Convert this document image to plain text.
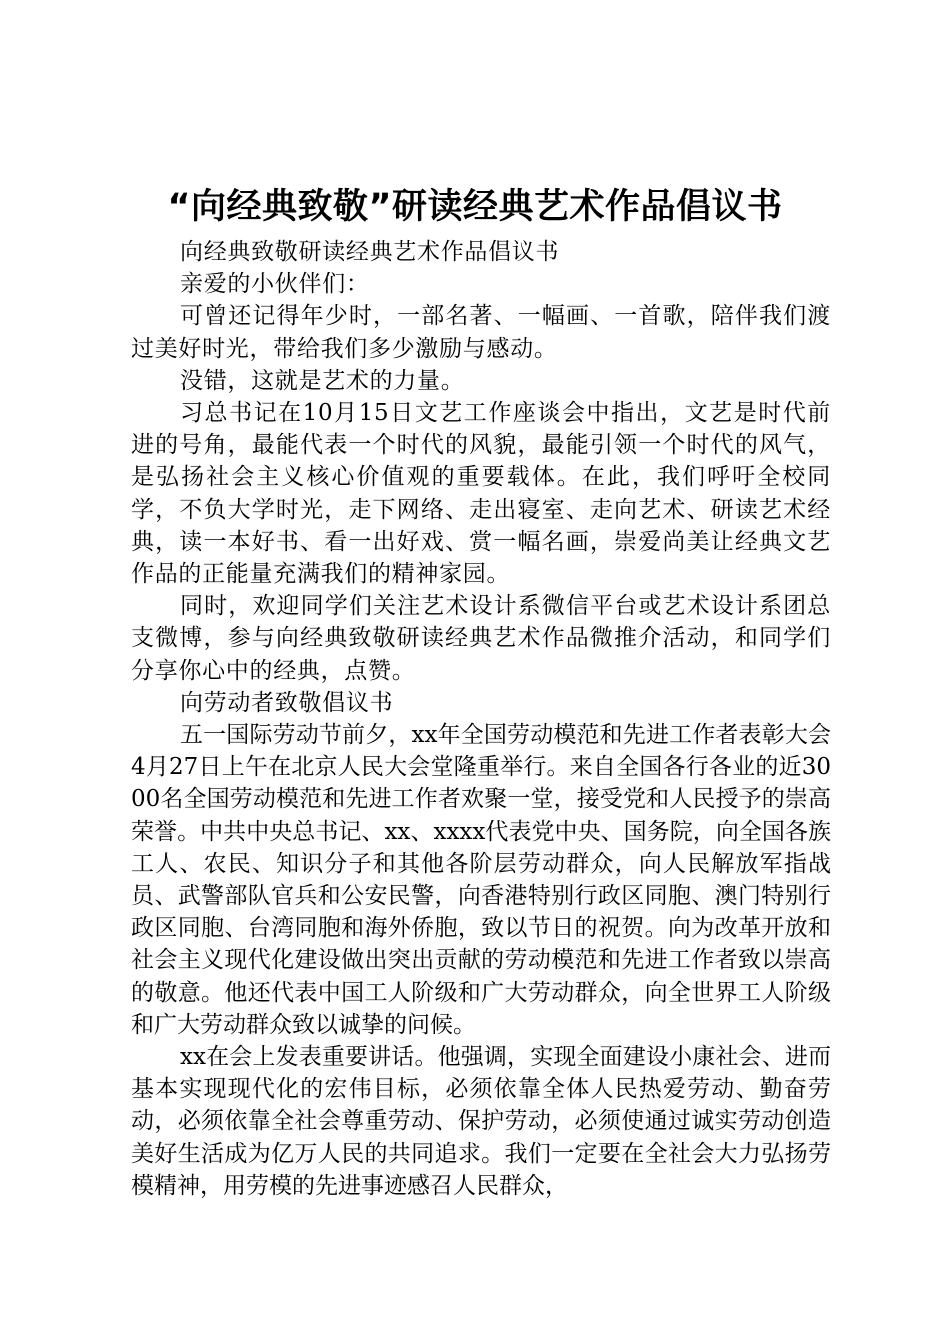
“向经典致敬”研读经典艺术作品倡议书

向经典致敬研读经典艺术作品倡议书

亲爱的小伙伴们：

可曾还记得年少时，一部名著、一幅画、一首歌，陪伴我们渡过美好时光，带给我们多少激励与感动。

没错，这就是艺术的力量。

习总书记在10月15日文艺工作座谈会中指出，文艺是时代前进的号角，最能代表一个时代的风貌，最能引领一个时代的风气，是弘扬社会主义核心价值观的重要载体。在此，我们呼吁全校同学，不负大学时光，走下网络、走出寝室、走向艺术、研读艺术经典，读一本好书、看一出好戏、赏一幅名画，崇爱尚美让经典文艺作品的正能量充满我们的精神家园。

同时，欢迎同学们关注艺术设计系微信平台或艺术设计系团总支微博，参与向经典致敬研读经典艺术作品微推介活动，和同学们分享你心中的经典，点赞。

向劳动者致敬倡议书

五一国际劳动节前夕，xx年全国劳动模范和先进工作者表彰大会4月27日上午在北京人民大会堂隆重举行。来自全国各行各业的近3000名全国劳动模范和先进工作者欢聚一堂，接受党和人民授予的崇高荣誉。中共中央总书记、xx、xxxx代表党中央、国务院，向全国各族工人、农民、知识分子和其他各阶层劳动群众，向人民解放军指战员、武警部队官兵和公安民警，向香港特别行政区同胞、澳门特别行政区同胞、台湾同胞和海外侨胞，致以节日的祝贺。向为改革开放和社会主义现代化建设做出突出贡献的劳动模范和先进工作者致以崇高的敬意。他还代表中国工人阶级和广大劳动群众，向全世界工人阶级和广大劳动群众致以诚挚的问候。

xx在会上发表重要讲话。他强调，实现全面建设小康社会、进而基本实现现代化的宏伟目标，必须依靠全体人民热爱劳动、勤奋劳动，必须依靠全社会尊重劳动、保护劳动，必须使通过诚实劳动创造美好生活成为亿万人民的共同追求。我们一定要在全社会大力弘扬劳模精神，用劳模的先进事迹感召人民群众，
